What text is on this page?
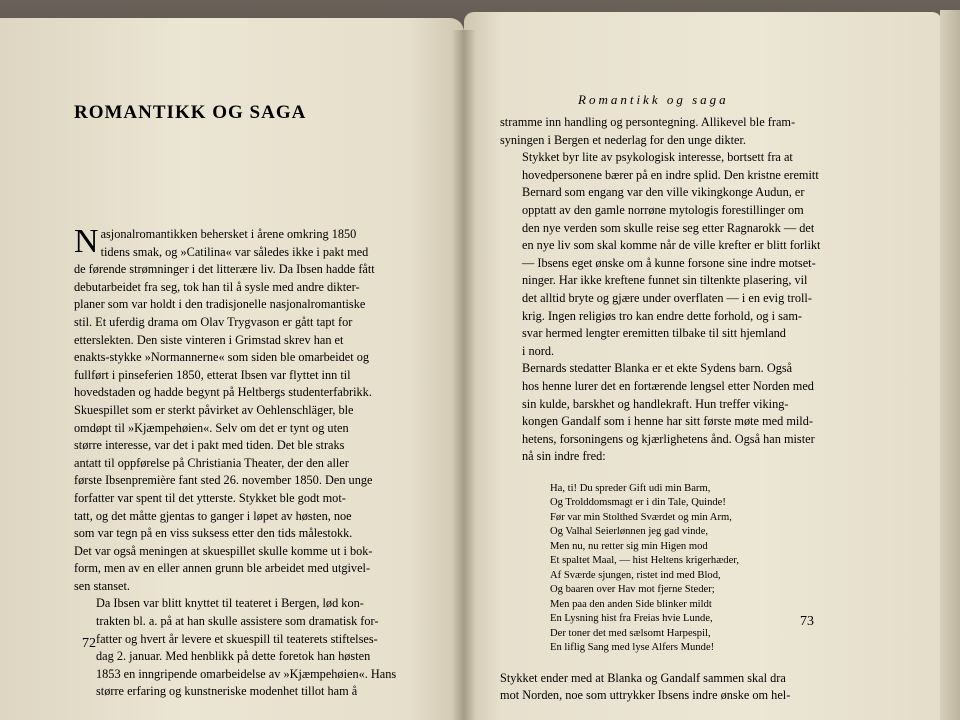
ROMANTIKK OG SAGA

N asjonalromantikken behersket i årene omkring 1850
tidens smak, og »Catilina« var således ikke i pakt med
de førende strømninger i det litterære liv. Da Ibsen hadde fått
debutarbeidet fra seg, tok han til å sysle med andre dikter-
planer som var holdt i den tradisjonelle nasjonalromantiske
stil. Et uferdig drama om Olav Trygvason er gått tapt for
etterslekten. Den siste vinteren i Grimstad skrev han et
enakts-stykke »Normannerne« som siden ble omarbeidet og
fullført i pinseferien 1850, etterat Ibsen var flyttet inn til
hovedstaden og hadde begynt på Heltbergs studenterfabrikk.
Skuespillet som er sterkt påvirket av Oehlenschläger, ble
omdøpt til »Kjæmpehøien«. Selv om det er tynt og uten
større interesse, var det i pakt med tiden. Det ble straks
antatt til oppførelse på Christiania Theater, der den aller
første Ibsenpremière fant sted 26. november 1850. Den unge
forfatter var spent til det ytterste. Stykket ble godt mot-
tatt, og det måtte gjentas to ganger i løpet av høsten, noe
som var tegn på en viss suksess etter den tids målestokk.
Det var også meningen at skuespillet skulle komme ut i bok-
form, men av en eller annen grunn ble arbeidet med utgivel-
sen stanset.

Da Ibsen var blitt knyttet til teateret i Bergen, lød kon-
trakten bl. a. på at han skulle assistere som dramatisk for-
fatter og hvert år levere et skuespill til teaterets stiftelses-
dag 2. januar. Med henblikk på dette foretok han høsten
1853 en inngripende omarbeidelse av »Kjæmpehøien«. Hans
større erfaring og kunstneriske modenhet tillot ham å

72
Romantikk og saga

stramme inn handling og persontegning. Allikevel ble fram-
syningen i Bergen et nederlag for den unge dikter.

Stykket byr lite av psykologisk interesse, bortsett fra at
hovedpersonene bærer på en indre splid. Den kristne eremitt
Bernard som engang var den ville vikingkonge Audun, er
opptatt av den gamle norrøne mytologis forestillinger om
den nye verden som skulle reise seg etter Ragnarokk — det
en nye liv som skal komme når de ville krefter er blitt forlikt
— Ibsens eget ønske om å kunne forsone sine indre motset-
ninger. Har ikke kreftene funnet sin tiltenkte plasering, vil
det alltid bryte og gjære under overflaten — i en evig troll-
krig. Ingen religiøs tro kan endre dette forhold, og i sam-
svar hermed lengter eremitten tilbake til sitt hjemland
i nord.

Bernards stedatter Blanka er et ekte Sydens barn. Også
hos henne lurer det en fortærende lengsel etter Norden med
sin kulde, barskhet og handlekraft. Hun treffer viking-
kongen Gandalf som i henne har sitt første møte med mild-
hetens, forsoningens og kjærlighetens ånd. Også han mister
nå sin indre fred:

Ha, ti! Du spreder Gift udi min Barm,
Og Trolddomsmagt er i din Tale, Quinde!
Før var min Stolthed Sværdet og min Arm,
Og Valhal Seierlønnen jeg gad vinde,
Men nu, nu retter sig min Higen mod
Et spaltet Maal, — hist Heltens krigerhæder,
Af Sværde sjungen, ristet ind med Blod,
Og baaren over Hav mot fjerne Steder;
Men paa den anden Side blinker mildt
En Lysning hist fra Freias hvie Lunde,
Der toner det med sælsomt Harpespil,
En liflig Sang med lyse Alfers Munde!

Stykket ender med at Blanka og Gandalf sammen skal dra
mot Norden, noe som uttrykker Ibsens indre ønske om hel-

73
